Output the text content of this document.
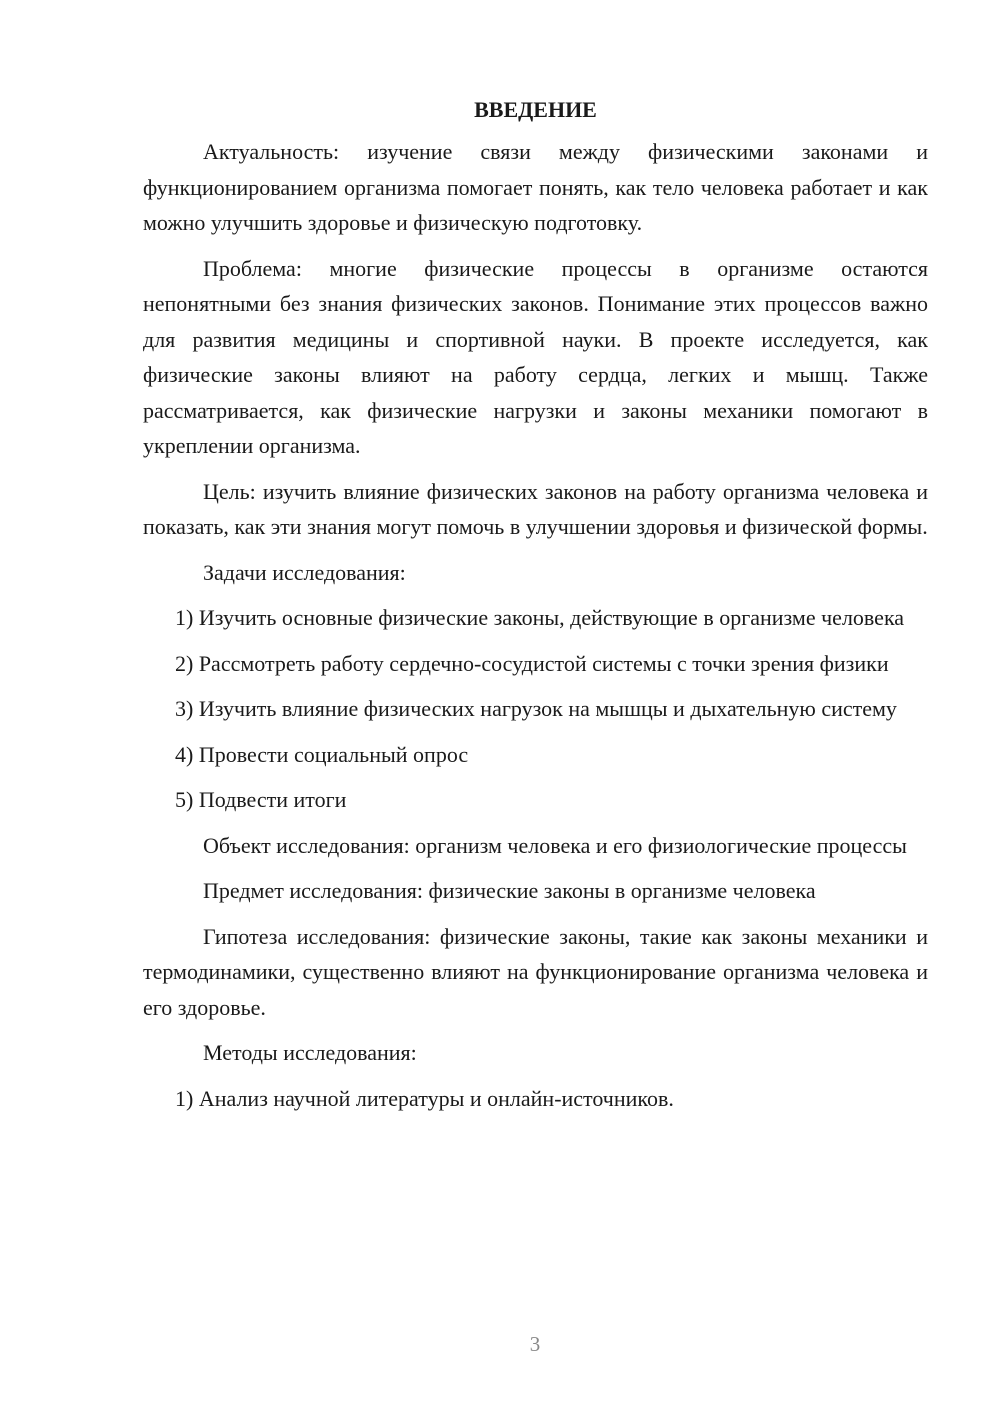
ВВЕДЕНИЕ

Актуальность: изучение связи между физическими законами и функционированием организма помогает понять, как тело человека работает и как можно улучшить здоровье и физическую подготовку.

Проблема: многие физические процессы в организме остаются непонятными без знания физических законов. Понимание этих процессов важно для развития медицины и спортивной науки. В проекте исследуется, как физические законы влияют на работу сердца, легких и мышц. Также рассматривается, как физические нагрузки и законы механики помогают в укреплении организма.

Цель: изучить влияние физических законов на работу организма человека и показать, как эти знания могут помочь в улучшении здоровья и физической формы.

Задачи исследования:

1) Изучить основные физические законы, действующие в организме человека

2) Рассмотреть работу сердечно-сосудистой системы с точки зрения физики

3) Изучить влияние физических нагрузок на мышцы и дыхательную систему

4) Провести социальный опрос

5) Подвести итоги

Объект исследования: организм человека и его физиологические процессы

Предмет исследования: физические законы в организме человека

Гипотеза исследования: физические законы, такие как законы механики и термодинамики, существенно влияют на функционирование организма человека и его здоровье.

Методы исследования:

1) Анализ научной литературы и онлайн-источников.

3
